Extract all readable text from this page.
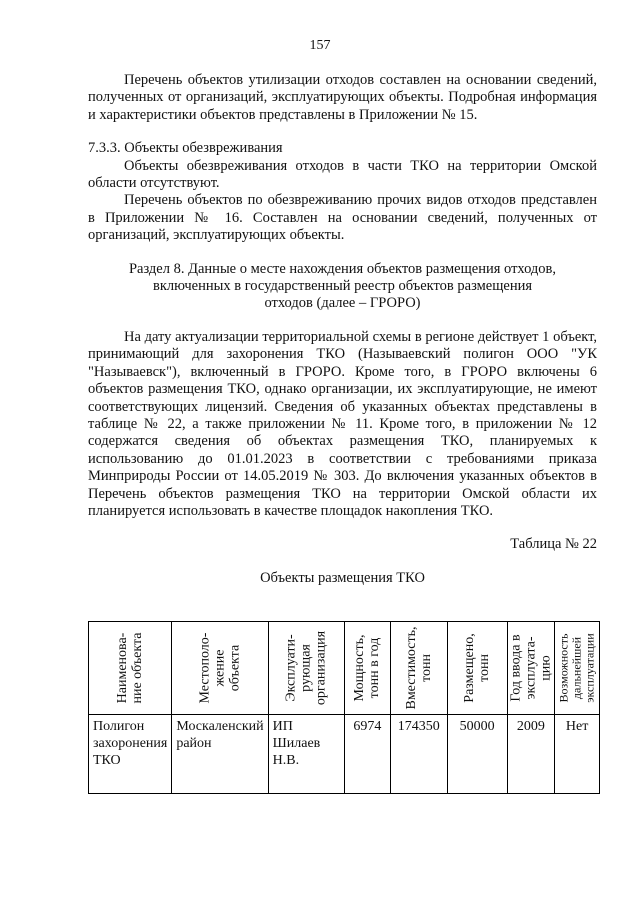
157

Перечень объектов утилизации отходов составлен на основании сведений, полученных от организаций, эксплуатирующих объекты. Подробная информация и характеристики объектов представлены в Приложении № 15.

7.3.3. Объекты обезвреживания

Объекты обезвреживания отходов в части ТКО на территории Омской области отсутствуют.

Перечень объектов по обезвреживанию прочих видов отходов представлен в Приложении № 16. Составлен на основании сведений, полученных от организаций, эксплуатирующих объекты.

Раздел 8. Данные о месте нахождения объектов размещения отходов,

включенных в государственный реестр объектов размещения

отходов (далее – ГРОРО)

На дату актуализации территориальной схемы в регионе действует 1 объект, принимающий для захоронения ТКО (Называевский полигон ООО "УК "Называевск"), включенный в ГРОРО. Кроме того, в ГРОРО включены 6 объектов размещения ТКО, однако организации, их эксплуатирующие, не имеют соответствующих лицензий. Сведения об указанных объектах представлены в таблице № 22, а также приложении № 11. Кроме того, в приложении № 12 содержатся сведения об объектах размещения ТКО, планируемых к использованию до 01.01.2023 в соответствии с требованиями приказа Минприроды России от 14.05.2019 № 303. До включения указанных объектов в Перечень объектов размещения ТКО на территории Омской области их планируется использовать в качестве площадок накопления ТКО.

Таблица № 22

Объекты размещения ТКО

Наименова-ние объекта	Местополо-жение объекта	Эксплуати-рующая организация	Мощность, тонн в год	Вместимость, тонн	Размещено, тонн	Год ввода в эксплуата-цию	Возможность дальнейшей эксплуатации

Полигон захоронения ТКО	Москаленский район	ИП Шилаев Н.В.	6974	174350	50000	2009	Нет
